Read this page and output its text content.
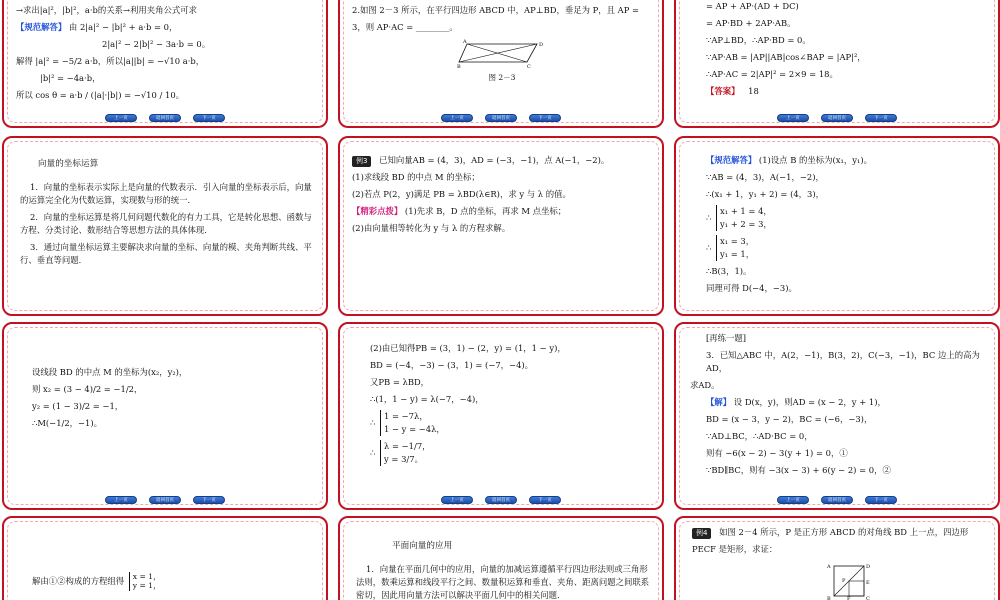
→求出|a|²，|b|²，a·b的关系→利用夹角公式可求
【规范解答】 由 2|a|² − |b|² + a·b = 0，
2|a|² − 2|b|² − 3a·b = 0。
解得 |a|² = −5/2 a·b，所以|a||b| = −√10 a·b，
|b|² = −4a·b，
所以 cos θ = a·b / (|a|·|b|) = −√10 / 10。
上一页	返回首页	下一页
2.如图 2－3 所示，在平行四边形 ABCD 中，AP⊥BD，垂足为 P，且 AP =
3，则 AP·AC = ________。
A
B	C
D
图 2－3
上一页	返回首页	下一页
= AP + AP·(AD + DC)
= AP·BD + 2AP·AB。
∵AP⊥BD，∴AP·BD = 0。
∵AP·AB = |AP||AB|cos∠BAP = |AP|²，
∴AP·AC = 2|AP|² = 2×9 = 18。
【答案】 18
上一页	返回首页	下一页
向量的坐标运算
1．向量的坐标表示实际上是向量的代数表示．引入向量的坐标表示后，向量的运算完全化为代数运算，实现数与形的统一．
2．向量的坐标运算是将几何问题代数化的有力工具，它是转化思想、函数与方程、分类讨论、数形结合等思想方法的具体体现．
3．通过向量坐标运算主要解决求向量的坐标、向量的模、夹角判断共线、平行、垂直等问题．
例3 已知向量AB = (4，3)，AD = (−3，−1)，点 A(−1，−2)。
(1)求线段 BD 的中点 M 的坐标；
(2)若点 P(2，y)满足 PB = λBD(λ∈R)，求 y 与 λ 的值。
【精彩点拨】 (1)先求 B，D 点的坐标，再求 M 点坐标；
(2)由向量相等转化为 y 与 λ 的方程求解。
【规范解答】 (1)设点 B 的坐标为(x₁，y₁)。
∵AB = (4，3)，A(−1，−2)，
∴(x₁ + 1，y₁ + 2) = (4，3)，
∴ x₁ + 1 = 4，
y₁ + 2 = 3，
∴ x₁ = 3，
y₁ = 1，
∴B(3，1)。
同理可得 D(−4，−3)。
设线段 BD 的中点 M 的坐标为(x₂，y₂)，
则 x₂ = (3 − 4)/2 = −1/2，
y₂ = (1 − 3)/2 = −1，
∴M(−1/2，−1)。
上一页	返回首页	下一页
(2)由已知得PB = (3，1) − (2，y) = (1，1 − y)，
BD = (−4，−3) − (3，1) = (−7，−4)。
又PB = λBD，
∴(1，1 − y) = λ(−7，−4)，
∴ 1 = −7λ，
1 − y = −4λ，
∴ λ = −1/7，
y = 3/7。
上一页	返回首页	下一页
[再练一题]
3．已知△ABC 中，A(2，−1)，B(3，2)，C(−3，−1)，BC 边上的高为 AD，
求AD。
【解】 设 D(x，y)，则AD = (x − 2，y + 1)，
BD = (x − 3，y − 2)，BC = (−6，−3)，
∵AD⊥BC，∴AD·BC = 0，
则有 −6(x − 2) − 3(y + 1) = 0，①
∵BD∥BC，则有 −3(x − 3) + 6(y − 2) = 0，②
上一页	返回首页	下一页
解由①②构成的方程组得 x = 1，
y = 1，
平面向量的应用
1．向量在平面几何中的应用，向量的加减运算遵循平行四边形法则或三角形法则，数乘运算和线段平行之间、数量积运算和垂直、夹角、距离问题之间联系密切，因此用向量方法可以解决平面几何中的相关问题．
例4 如图 2－4 所示，P 是正方形 ABCD 的对角线 BD 上一点，四边形
PECF 是矩形，求证：
A	D
P	E
B	F	C
